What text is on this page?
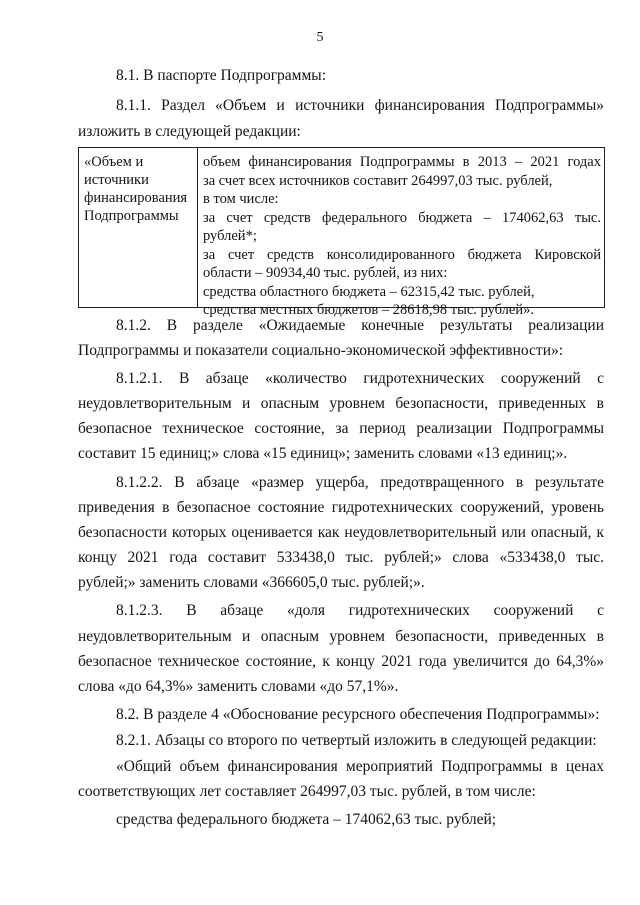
5
8.1. В паспорте Подпрограммы:
8.1.1. Раздел «Объем и источники финансирования Подпрограммы»
изложить в следующей редакции:
«Объем и
источники
финансирования
Подпрограммы
объем финансирования Подпрограммы в 2013 – 2021 годах
за счет всех источников составит 264997,03 тыс. рублей,
в том числе:
за счет средств федерального бюджета – 174062,63 тыс.
рублей*;
за счет средств консолидированного бюджета Кировской
области – 90934,40 тыс. рублей, из них:
средства областного бюджета – 62315,42 тыс. рублей,
средства местных бюджетов – 28618,98 тыс. рублей».
8.1.2. В разделе «Ожидаемые конечные результаты реализации
Подпрограммы и показатели социально-экономической эффективности»:
8.1.2.1. В абзаце «количество гидротехнических сооружений с
неудовлетворительным и опасным уровнем безопасности, приведенных в
безопасное техническое состояние, за период реализации Подпрограммы
составит 15 единиц;» слова «15 единиц»; заменить словами «13 единиц;».
8.1.2.2. В абзаце «размер ущерба, предотвращенного в результате
приведения в безопасное состояние гидротехнических сооружений, уровень
безопасности которых оценивается как неудовлетворительный или опасный, к
концу 2021 года составит 533438,0 тыс. рублей;» слова «533438,0 тыс.
рублей;» заменить словами «366605,0 тыс. рублей;».
8.1.2.3. В абзаце «доля гидротехнических сооружений с
неудовлетворительным и опасным уровнем безопасности, приведенных в
безопасное техническое состояние, к концу 2021 года увеличится до 64,3%»
слова «до 64,3%» заменить словами «до 57,1%».
8.2. В разделе 4 «Обоснование ресурсного обеспечения Подпрограммы»:
8.2.1. Абзацы со второго по четвертый изложить в следующей редакции:
«Общий объем финансирования мероприятий Подпрограммы в ценах
соответствующих лет составляет 264997,03 тыс. рублей, в том числе:
средства федерального бюджета – 174062,63 тыс. рублей;
